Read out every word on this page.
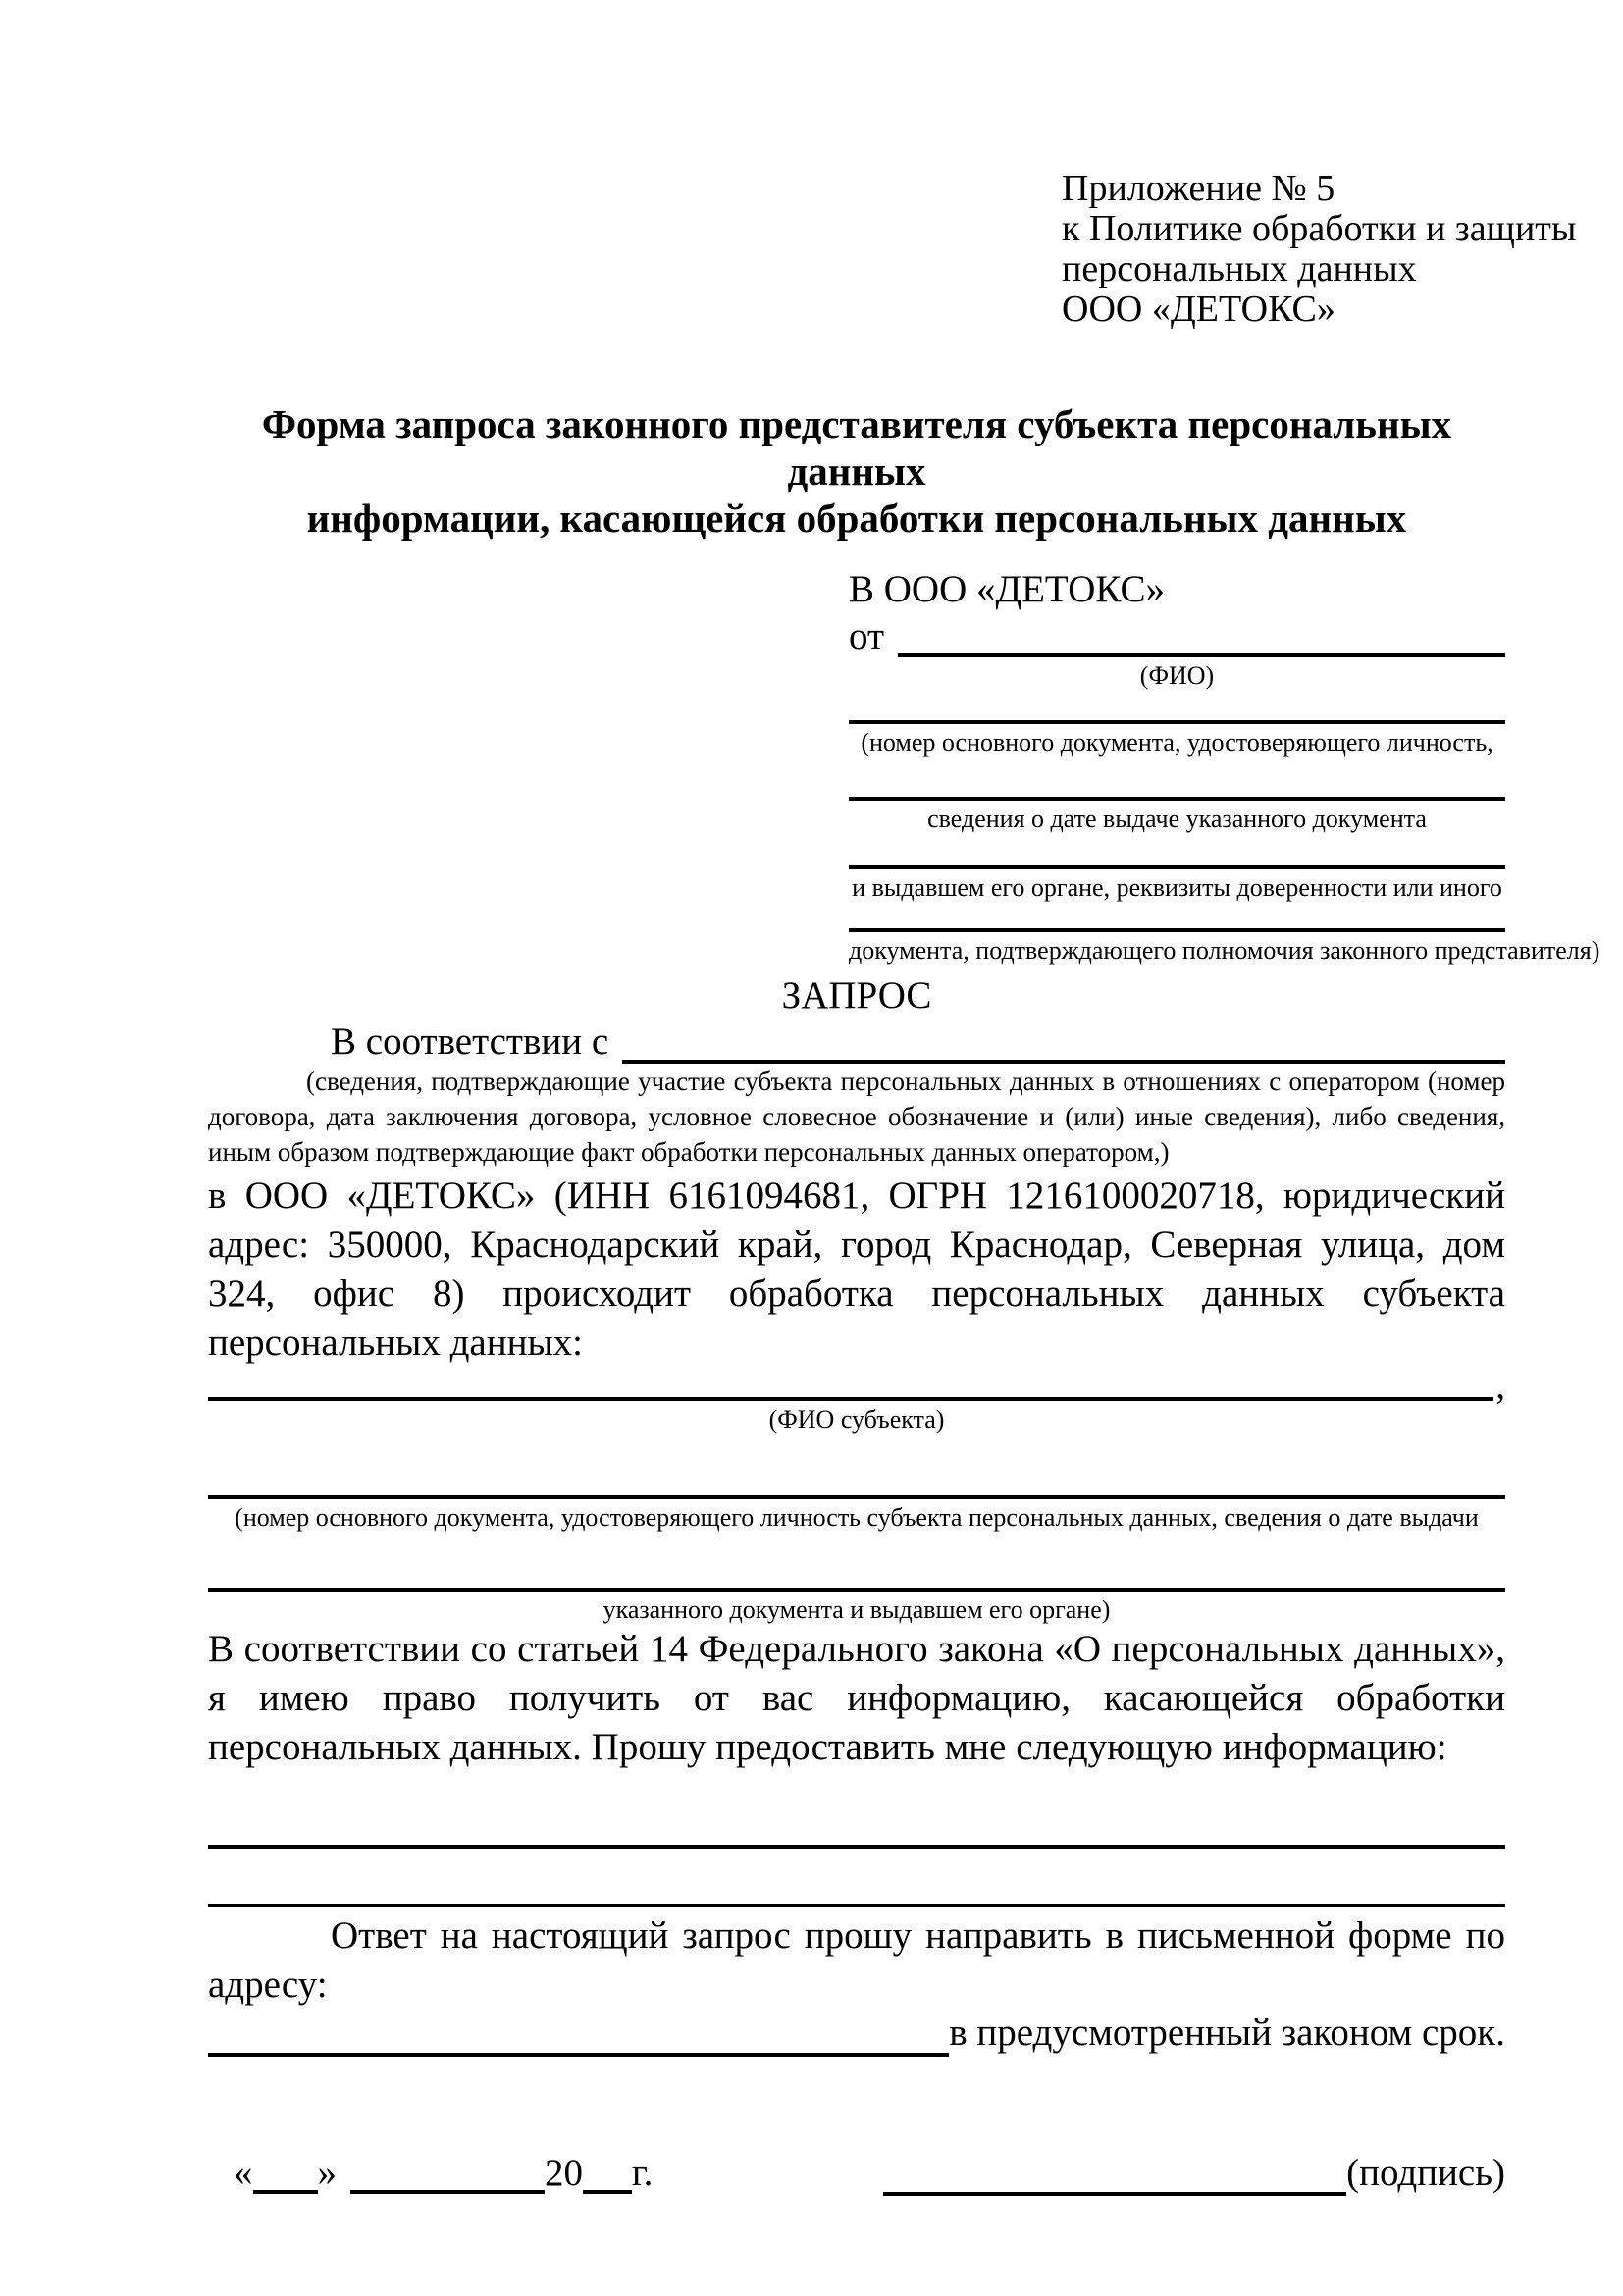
Приложение № 5
к Политике обработки и защиты
персональных данных
ООО «ДЕТОКС»
Форма запроса законного представителя субъекта персональных данных
информации, касающейся обработки персональных данных
В ООО «ДЕТОКС»
от
(ФИО)
(номер основного документа, удостоверяющего личность,
сведения о дате выдаче указанного документа
и выдавшем его органе, реквизиты доверенности или иного
документа, подтверждающего полномочия законного представителя)
ЗАПРОС
В соответствии с
(сведения, подтверждающие участие субъекта персональных данных в отношениях с оператором (номер договора, дата заключения договора, условное словесное обозначение и (или) иные сведения), либо сведения, иным образом подтверждающие факт обработки персональных данных оператором,)
в ООО «ДЕТОКС» (ИНН 6161094681, ОГРН 1216100020718, юридический адрес: 350000, Краснодарский край, город Краснодар, Северная улица, дом 324, офис 8) происходит обработка персональных данных субъекта персональных данных:
,
(ФИО субъекта)
(номер основного документа, удостоверяющего личность субъекта персональных данных, сведения о дате выдачи
указанного документа и выдавшем его органе)
В соответствии со статьей 14 Федерального закона «О персональных данных», я имею право получить от вас информацию, касающейся обработки персональных данных. Прошу предоставить мне следующую информацию:
Ответ на настоящий запрос прошу направить в письменной форме по адресу:
в предусмотренный законом срок.
« »	20 г.	(подпись)
